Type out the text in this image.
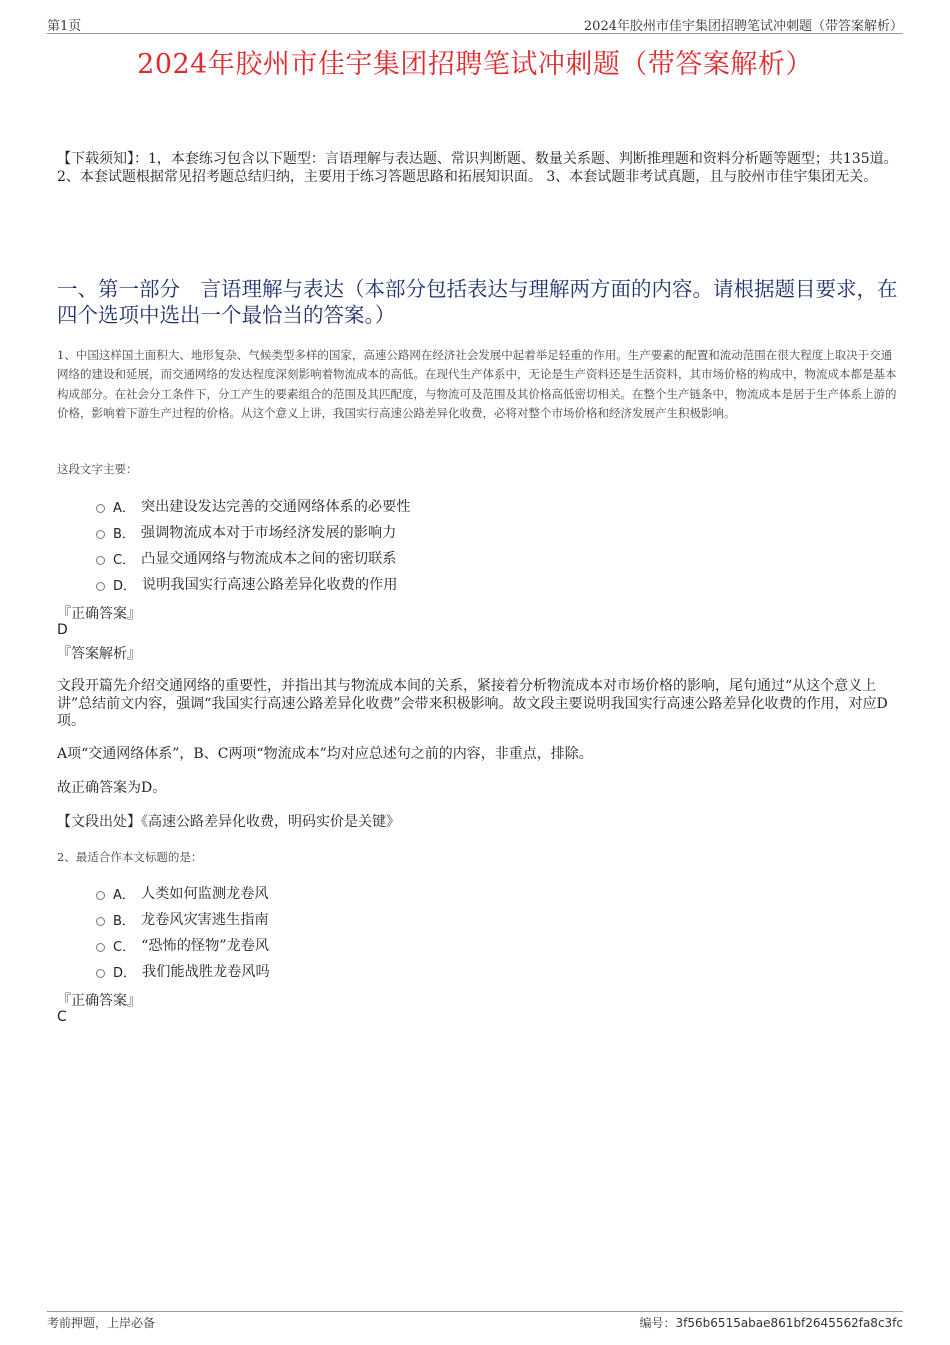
第1页	2024年胶州市佳宇集团招聘笔试冲刺题（带答案解析）
2024年胶州市佳宇集团招聘笔试冲刺题（带答案解析）
【下载须知】：1，本套练习包含以下题型：言语理解与表达题、常识判断题、数量关系题、判断推理题和资料分析题等题型；共135道。 2、本套试题根据常见招考题总结归纳，主要用于练习答题思路和拓展知识面。 3、本套试题非考试真题，且与胶州市佳宇集团无关。
一、第一部分　言语理解与表达（本部分包括表达与理解两方面的内容。请根据题目要求，在四个选项中选出一个最恰当的答案。）
1、中国这样国土面积大、地形复杂、气候类型多样的国家，高速公路网在经济社会发展中起着举足轻重的作用。生产要素的配置和流动范围在很大程度上取决于交通网络的建设和延展，而交通网络的发达程度深刻影响着物流成本的高低。在现代生产体系中，无论是生产资料还是生活资料，其市场价格的构成中，物流成本都是基本构成部分。在社会分工条件下，分工产生的要素组合的范围及其匹配度，与物流可及范围及其价格高低密切相关。在整个生产链条中，物流成本是居于生产体系上游的价格，影响着下游生产过程的价格。从这个意义上讲，我国实行高速公路差异化收费，必将对整个市场价格和经济发展产生积极影响。
这段文字主要：
A． 突出建设发达完善的交通网络体系的必要性
B． 强调物流成本对于市场经济发展的影响力
C． 凸显交通网络与物流成本之间的密切联系
D． 说明我国实行高速公路差异化收费的作用
『正确答案』
D
『答案解析』
文段开篇先介绍交通网络的重要性，并指出其与物流成本间的关系，紧接着分析物流成本对市场价格的影响，尾句通过“从这个意义上讲”总结前文内容，强调“我国实行高速公路差异化收费”会带来积极影响。故文段主要说明我国实行高速公路差异化收费的作用，对应D项。
A项“交通网络体系”，B、C两项“物流成本”均对应总述句之前的内容，非重点，排除。
故正确答案为D。
【文段出处】《高速公路差异化收费，明码实价是关键》
2、最适合作本文标题的是：
A． 人类如何监测龙卷风
B． 龙卷风灾害逃生指南
C． “恐怖的怪物”龙卷风
D． 我们能战胜龙卷风吗
『正确答案』
C
考前押题，上岸必备	编号：3f56b6515abae861bf2645562fa8c3fc
